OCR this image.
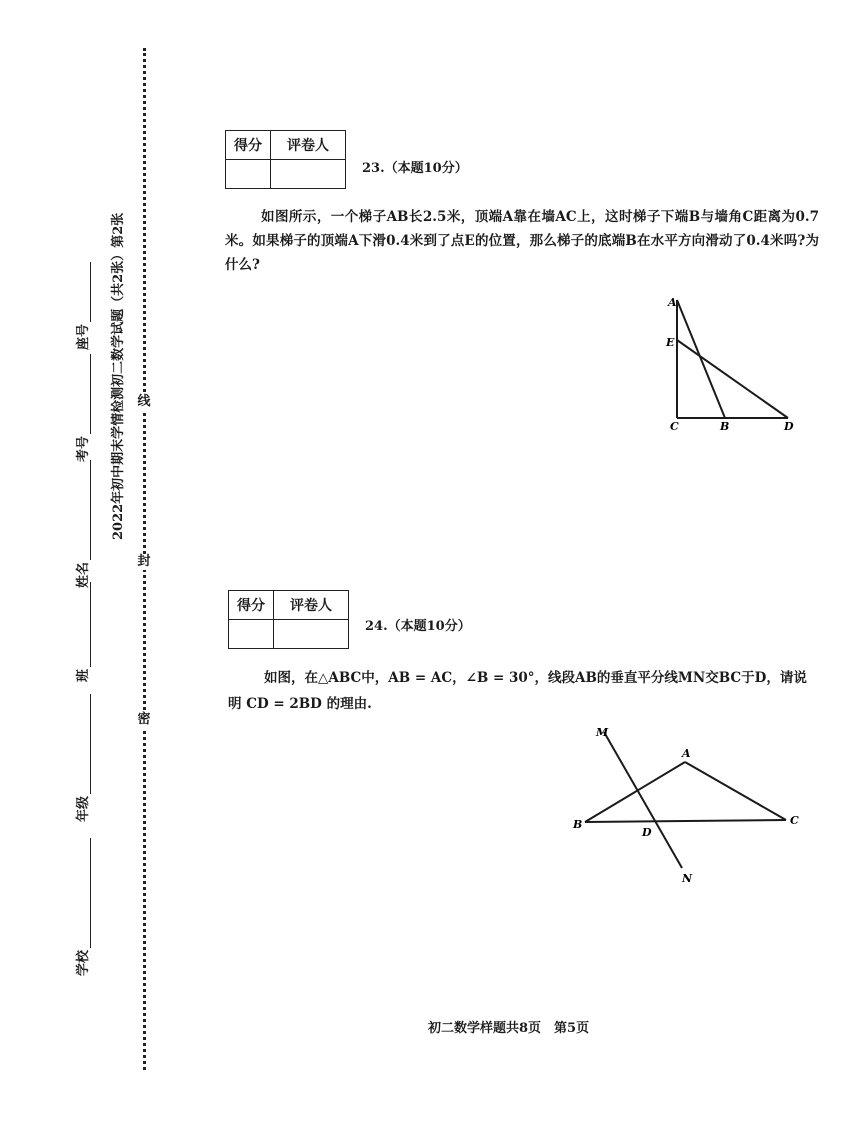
线
封
密
2022年初中期末学情检测初二数学试题（共2张）第2张
座号
考号
姓名
班
年级
学校
得分	评卷人

23.（本题10分）
如图所示，一个梯子AB长2.5米，顶端A靠在墙AC上，这时梯子下端B与墙角C距离为0.7米。如果梯子的顶端A下滑0.4米到了点E的位置，那么梯子的底端B在水平方向滑动了0.4米吗?为什么?
A
E
C	B	D
得分	评卷人

24.（本题10分）
如图，在△ABC中，AB = AC，∠B = 30°，线段AB的垂直平分线MN交BC于D，请说
明 CD = 2BD 的理由.
M
A
B
D
C
N
初二数学样题共8页　第5页
